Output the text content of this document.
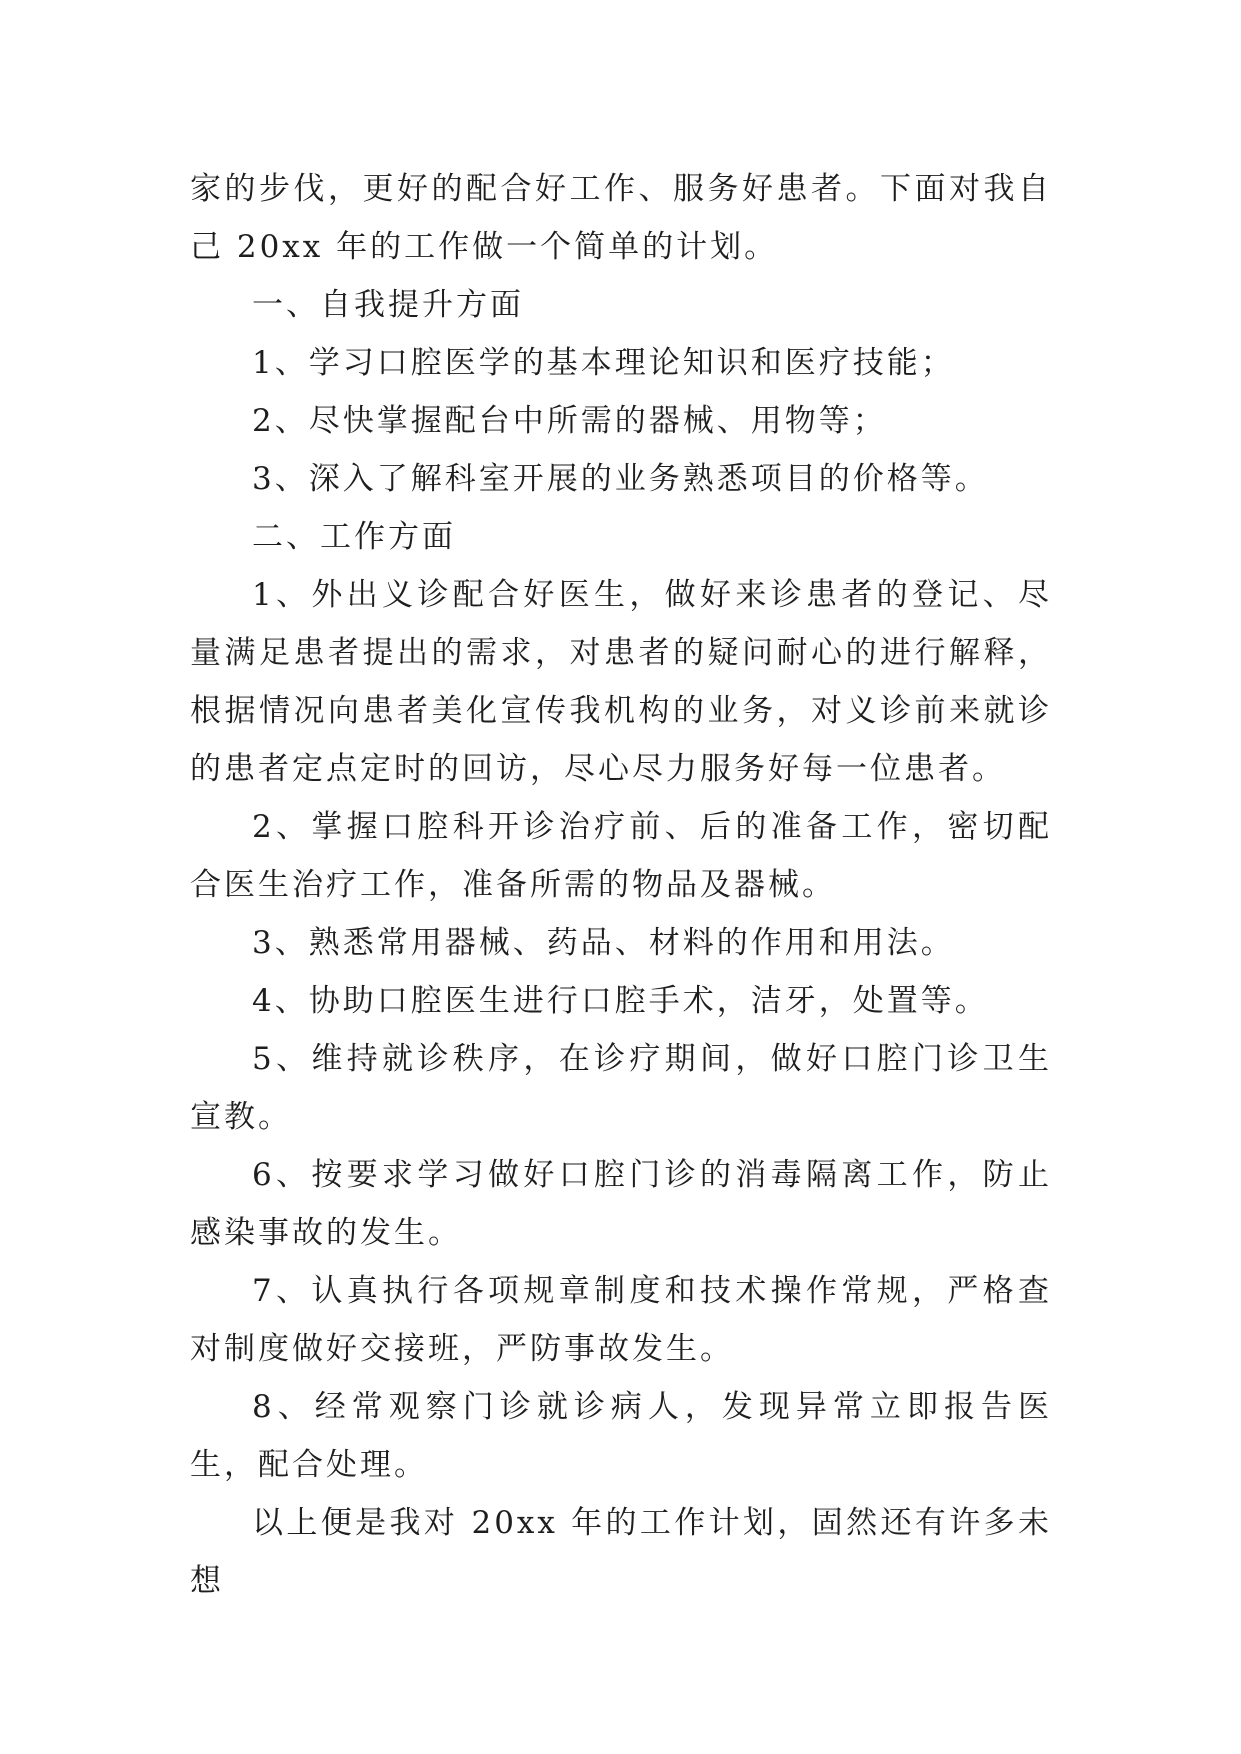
家的步伐，更好的配合好工作、服务好患者。下面对我自己 20xx 年的工作做一个简单的计划。

一、自我提升方面

1、学习口腔医学的基本理论知识和医疗技能；

2、尽快掌握配台中所需的器械、用物等；

3、深入了解科室开展的业务熟悉项目的价格等。

二、工作方面

1、外出义诊配合好医生，做好来诊患者的登记、尽量满足患者提出的需求，对患者的疑问耐心的进行解释，根据情况向患者美化宣传我机构的业务，对义诊前来就诊的患者定点定时的回访，尽心尽力服务好每一位患者。

2、掌握口腔科开诊治疗前、后的准备工作，密切配合医生治疗工作，准备所需的物品及器械。

3、熟悉常用器械、药品、材料的作用和用法。

4、协助口腔医生进行口腔手术，洁牙，处置等。

5、维持就诊秩序，在诊疗期间，做好口腔门诊卫生宣教。

6、按要求学习做好口腔门诊的消毒隔离工作，防止感染事故的发生。

7、认真执行各项规章制度和技术操作常规，严格查对制度做好交接班，严防事故发生。

8、经常观察门诊就诊病人，发现异常立即报告医生，配合处理。

以上便是我对 20xx 年的工作计划，固然还有许多未想
